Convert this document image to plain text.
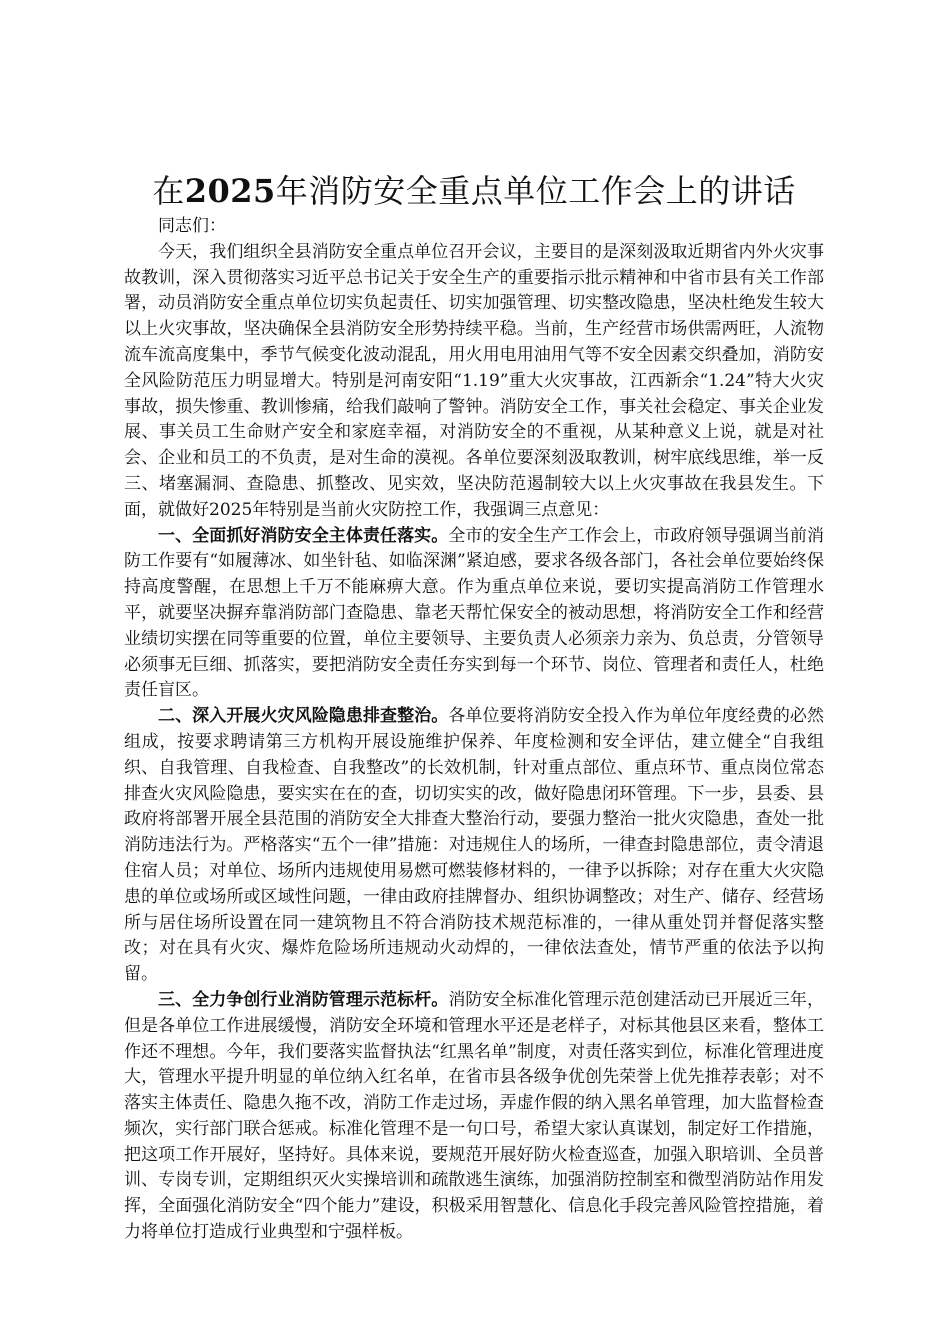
在2025年消防安全重点单位工作会上的讲话

同志们：

今天，我们组织全县消防安全重点单位召开会议，主要目的是深刻汲取近期省内外火灾事故教训，深入贯彻落实习近平总书记关于安全生产的重要指示批示精神和中省市县有关工作部署，动员消防安全重点单位切实负起责任、切实加强管理、切实整改隐患，坚决杜绝发生较大以上火灾事故，坚决确保全县消防安全形势持续平稳。当前，生产经营市场供需两旺，人流物流车流高度集中，季节气候变化波动混乱，用火用电用油用气等不安全因素交织叠加，消防安全风险防范压力明显增大。特别是河南安阳“1.19”重大火灾事故，江西新余“1.24”特大火灾事故，损失惨重、教训惨痛，给我们敲响了警钟。消防安全工作，事关社会稳定、事关企业发展、事关员工生命财产安全和家庭幸福，对消防安全的不重视，从某种意义上说，就是对社会、企业和员工的不负责，是对生命的漠视。各单位要深刻汲取教训，树牢底线思维，举一反三、堵塞漏洞、查隐患、抓整改、见实效，坚决防范遏制较大以上火灾事故在我县发生。下面，就做好2025年特别是当前火灾防控工作，我强调三点意见：

一、全面抓好消防安全主体责任落实。全市的安全生产工作会上，市政府领导强调当前消防工作要有“如履薄冰、如坐针毡、如临深渊”紧迫感，要求各级各部门，各社会单位要始终保持高度警醒，在思想上千万不能麻痹大意。作为重点单位来说，要切实提高消防工作管理水平，就要坚决摒弃靠消防部门查隐患、靠老天帮忙保安全的被动思想，将消防安全工作和经营业绩切实摆在同等重要的位置，单位主要领导、主要负责人必须亲力亲为、负总责，分管领导必须事无巨细、抓落实，要把消防安全责任夯实到每一个环节、岗位、管理者和责任人，杜绝责任盲区。

二、深入开展火灾风险隐患排查整治。各单位要将消防安全投入作为单位年度经费的必然组成，按要求聘请第三方机构开展设施维护保养、年度检测和安全评估，建立健全“自我组织、自我管理、自我检查、自我整改”的长效机制，针对重点部位、重点环节、重点岗位常态排查火灾风险隐患，要实实在在的查，切切实实的改，做好隐患闭环管理。下一步，县委、县政府将部署开展全县范围的消防安全大排查大整治行动，要强力整治一批火灾隐患，查处一批消防违法行为。严格落实“五个一律”措施：对违规住人的场所，一律查封隐患部位，责令清退住宿人员；对单位、场所内违规使用易燃可燃装修材料的，一律予以拆除；对存在重大火灾隐患的单位或场所或区域性问题，一律由政府挂牌督办、组织协调整改；对生产、储存、经营场所与居住场所设置在同一建筑物且不符合消防技术规范标准的，一律从重处罚并督促落实整改；对在具有火灾、爆炸危险场所违规动火动焊的，一律依法查处，情节严重的依法予以拘留。

三、全力争创行业消防管理示范标杆。消防安全标准化管理示范创建活动已开展近三年，但是各单位工作进展缓慢，消防安全环境和管理水平还是老样子，对标其他县区来看，整体工作还不理想。今年，我们要落实监督执法“红黑名单”制度，对责任落实到位，标准化管理进度大，管理水平提升明显的单位纳入红名单，在省市县各级争优创先荣誉上优先推荐表彰；对不落实主体责任、隐患久拖不改，消防工作走过场，弄虚作假的纳入黑名单管理，加大监督检查频次，实行部门联合惩戒。标准化管理不是一句口号，希望大家认真谋划，制定好工作措施，把这项工作开展好，坚持好。具体来说，要规范开展好防火检查巡查，加强入职培训、全员普训、专岗专训，定期组织灭火实操培训和疏散逃生演练，加强消防控制室和微型消防站作用发挥，全面强化消防安全“四个能力”建设，积极采用智慧化、信息化手段完善风险管控措施，着力将单位打造成行业典型和宁强样板。
